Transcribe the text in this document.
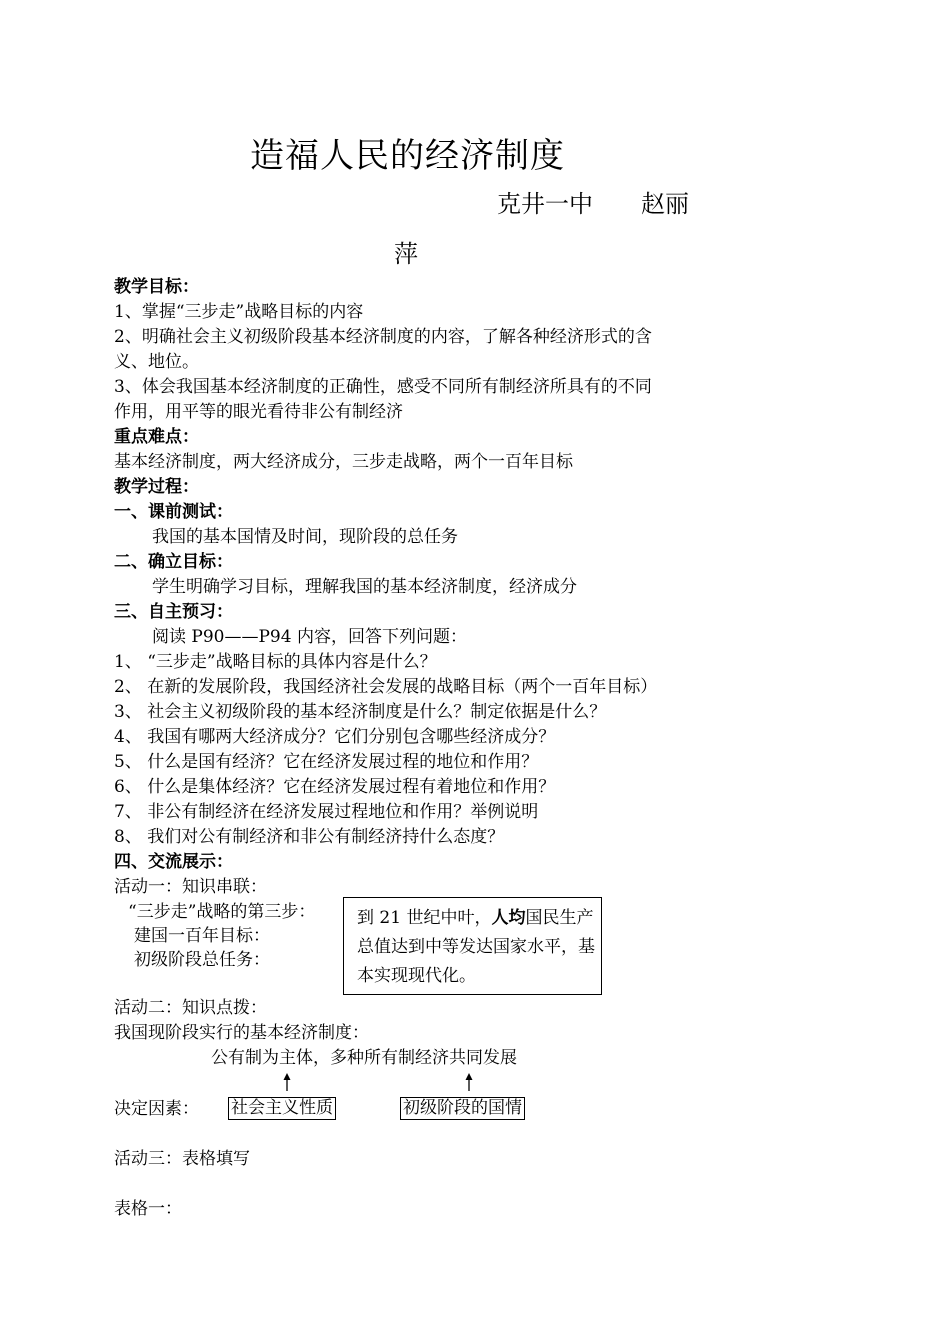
造福人民的经济制度
克井一中　　赵丽
萍
教学目标：
1、掌握“三步走”战略目标的内容
2、明确社会主义初级阶段基本经济制度的内容，了解各种经济形式的含
义、地位。
3、体会我国基本经济制度的正确性，感受不同所有制经济所具有的不同
作用，用平等的眼光看待非公有制经济
重点难点：
基本经济制度，两大经济成分，三步走战略，两个一百年目标
教学过程：
一、课前测试：
我国的基本国情及时间，现阶段的总任务
二、确立目标：
学生明确学习目标，理解我国的基本经济制度，经济成分
三、自主预习：
阅读 P90——P94 内容，回答下列问题：
1、 “三步走”战略目标的具体内容是什么？
2、 在新的发展阶段，我国经济社会发展的战略目标（两个一百年目标）
3、 社会主义初级阶段的基本经济制度是什么？制定依据是什么？
4、 我国有哪两大经济成分？它们分别包含哪些经济成分？
5、 什么是国有经济？它在经济发展过程的地位和作用？
6、 什么是集体经济？它在经济发展过程有着地位和作用？
7、 非公有制经济在经济发展过程地位和作用？举例说明
8、 我们对公有制经济和非公有制经济持什么态度？
四、交流展示：
活动一：知识串联：
“三步走”战略的第三步：
建国一百年目标：
初级阶段总任务：
到 21 世纪中叶，人均国民生产总值达到中等发达国家水平，基本实现现代化。
活动二：知识点拨：
我国现阶段实行的基本经济制度：
公有制为主体，多种所有制经济共同发展
决定因素： 社会主义性质	初级阶段的国情
活动三：表格填写
表格一：
